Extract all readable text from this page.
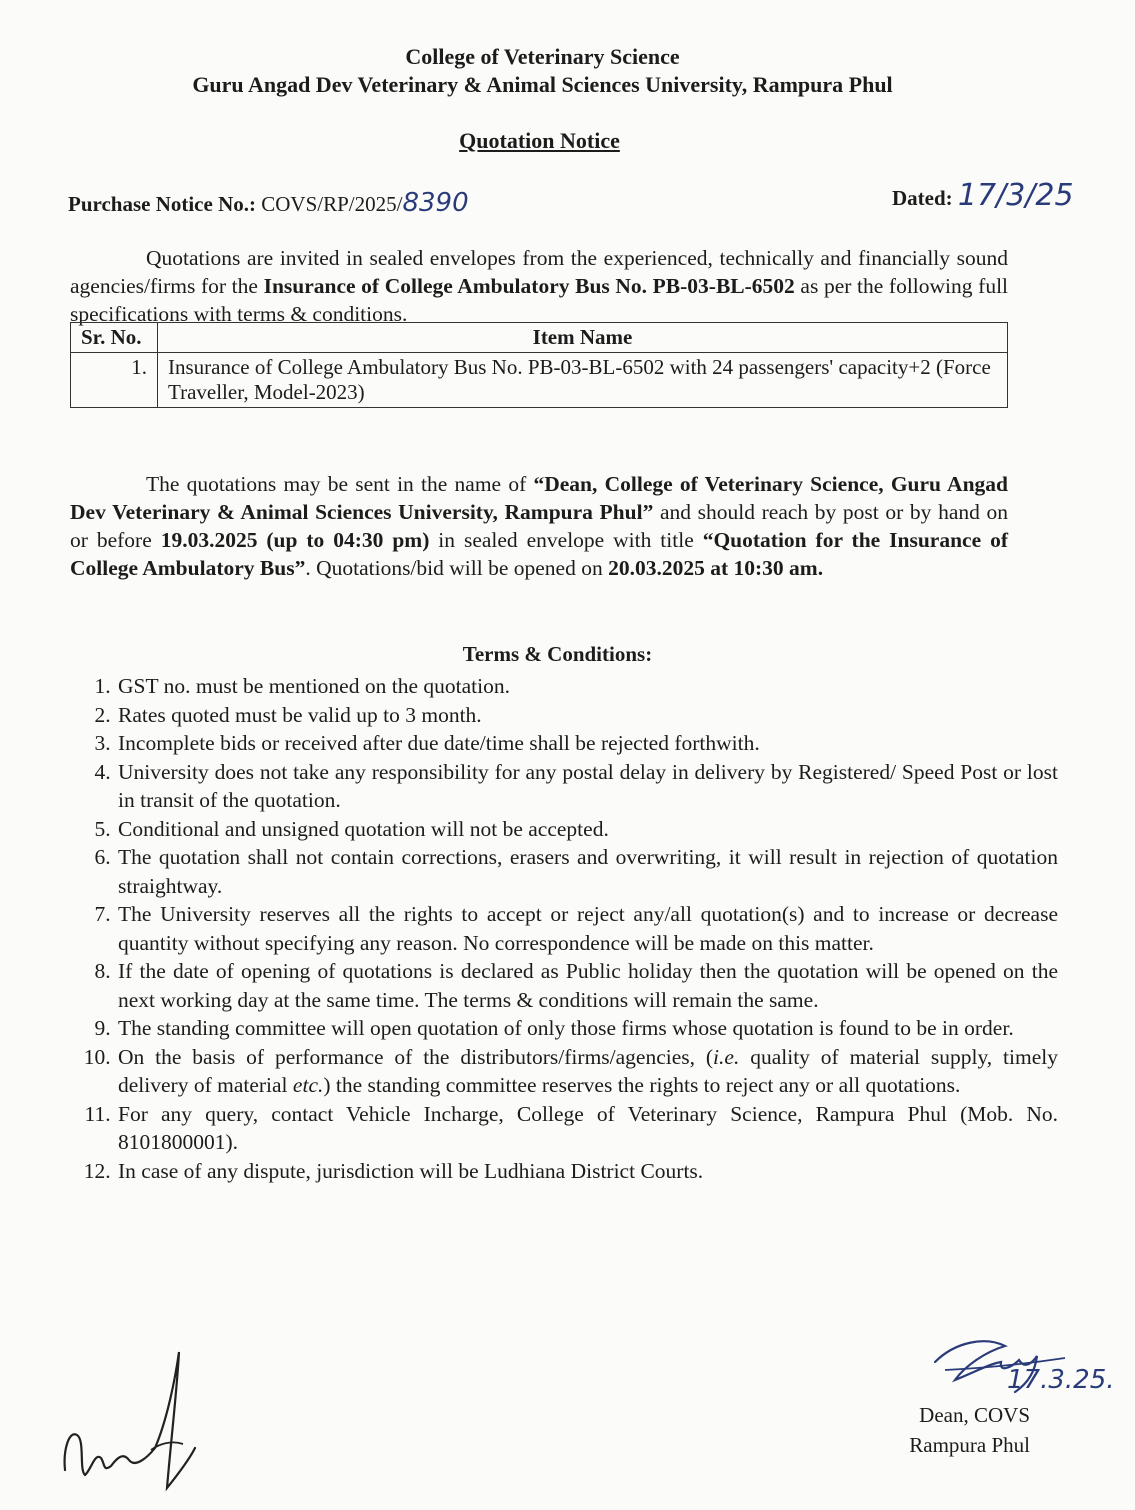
College of Veterinary Science
Guru Angad Dev Veterinary & Animal Sciences University, Rampura Phul
Quotation Notice
Purchase Notice No.: COVS/RP/2025/8390	Dated: 17/3/25
Quotations are invited in sealed envelopes from the experienced, technically and financially sound agencies/firms for the Insurance of College Ambulatory Bus No. PB-03-BL-6502 as per the following full specifications with terms & conditions.
Sr. No.	Item Name
1.	Insurance of College Ambulatory Bus No. PB-03-BL-6502 with 24 passengers' capacity+2 (Force Traveller, Model-2023)
The quotations may be sent in the name of “Dean, College of Veterinary Science, Guru Angad Dev Veterinary & Animal Sciences University, Rampura Phul” and should reach by post or by hand on or before 19.03.2025 (up to 04:30 pm) in sealed envelope with title “Quotation for the Insurance of College Ambulatory Bus”. Quotations/bid will be opened on 20.03.2025 at 10:30 am.
Terms & Conditions:
1. GST no. must be mentioned on the quotation.
2. Rates quoted must be valid up to 3 month.
3. Incomplete bids or received after due date/time shall be rejected forthwith.
4. University does not take any responsibility for any postal delay in delivery by Registered/ Speed Post or lost in transit of the quotation.
5. Conditional and unsigned quotation will not be accepted.
6. The quotation shall not contain corrections, erasers and overwriting, it will result in rejection of quotation straightway.
7. The University reserves all the rights to accept or reject any/all quotation(s) and to increase or decrease quantity without specifying any reason. No correspondence will be made on this matter.
8. If the date of opening of quotations is declared as Public holiday then the quotation will be opened on the next working day at the same time. The terms & conditions will remain the same.
9. The standing committee will open quotation of only those firms whose quotation is found to be in order.
10. On the basis of performance of the distributors/firms/agencies, (i.e. quality of material supply, timely delivery of material etc.) the standing committee reserves the rights to reject any or all quotations.
11. For any query, contact Vehicle Incharge, College of Veterinary Science, Rampura Phul (Mob. No. 8101800001).
12. In case of any dispute, jurisdiction will be Ludhiana District Courts.
17.3.25.
Dean, COVS
Rampura Phul
